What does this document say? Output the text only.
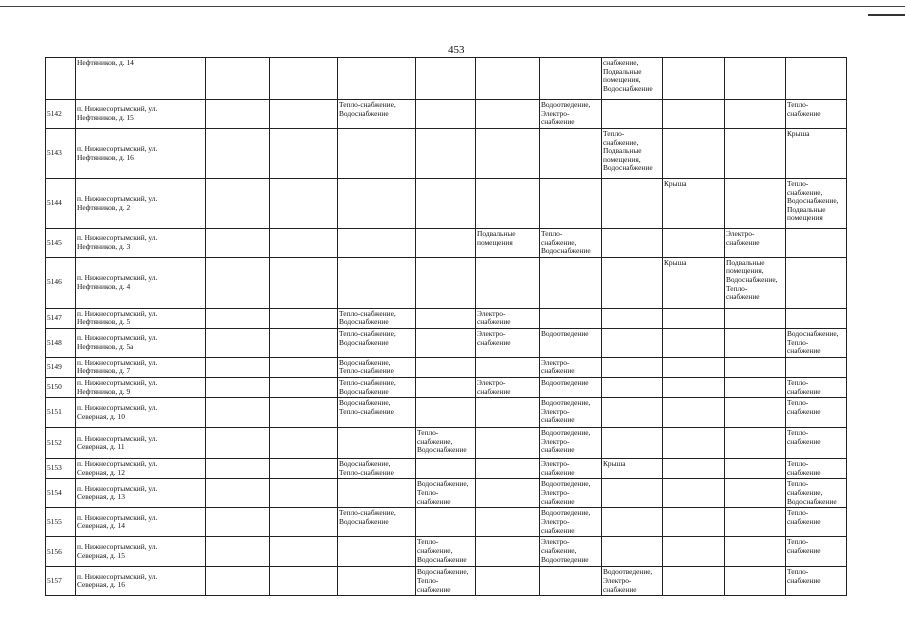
453
	Нефтяников, д. 14							снабжение,
Подвальные
помещения,
Водоснабжение			
5142	п. Нижнесортымский, ул.
Нефтяников, д. 15			Тепло-снабжение,
Водоснабжение			Водоотведение,
Электро-
снабжение				Тепло-
снабжение
5143	п. Нижнесортымский, ул.
Нефтяников, д. 16							Тепло-
снабжение,
Подвальные
помещения,
Водоснабжение			Крыша
5144	п. Нижнесортымский, ул.
Нефтяников, д. 2								Крыша		Тепло-
снабжение,
Водоснабжение,
Подвальные
помещения
5145	п. Нижнесортымский, ул.
Нефтяников, д. 3					Подвальные
помещения	Тепло-
снабжение,
Водоснабжение			Электро-
снабжение	
5146	п. Нижнесортымский, ул.
Нефтяников, д. 4								Крыша	Подвальные
помещения,
Водоснабжение,
Тепло-
снабжение	
5147	п. Нижнесортымский, ул.
Нефтяников, д. 5			Тепло-снабжение,
Водоснабжение		Электро-
снабжение					
5148	п. Нижнесортымский, ул.
Нефтяников, д. 5а			Тепло-снабжение,
Водоснабжение		Электро-
снабжение	Водоотведение				Водоснабжение,
Тепло-
снабжение
5149	п. Нижнесортымский, ул.
Нефтяников, д. 7			Водоснабжение,
Тепло-снабжение			Электро-
снабжение				
5150	п. Нижнесортымский, ул.
Нефтяников, д. 9			Тепло-снабжение,
Водоснабжение		Электро-
снабжение	Водоотведение				Тепло-
снабжение
5151	п. Нижнесортымский, ул.
Северная, д. 10			Водоснабжение,
Тепло-снабжение			Водоотведение,
Электро-
снабжение				Тепло-
снабжение
5152	п. Нижнесортымский, ул.
Северная, д. 11				Тепло-
снабжение,
Водоснабжение		Водоотведение,
Электро-
снабжение				Тепло-
снабжение
5153	п. Нижнесортымский, ул.
Северная, д. 12			Водоснабжение,
Тепло-снабжение			Электро-
снабжение	Крыша			Тепло-
снабжение
5154	п. Нижнесортымский, ул.
Северная, д. 13				Водоснабжение,
Тепло-
снабжение		Водоотведение,
Электро-
снабжение				Тепло-
снабжение,
Водоснабжение
5155	п. Нижнесортымский, ул.
Северная, д. 14			Тепло-снабжение,
Водоснабжение			Водоотведение,
Электро-
снабжение				Тепло-
снабжение
5156	п. Нижнесортымский, ул.
Северная, д. 15				Тепло-
снабжение,
Водоснабжение		Электро-
снабжение,
Водоотведение				Тепло-
снабжение
5157	п. Нижнесортымский, ул.
Северная, д. 16				Водоснабжение,
Тепло-
снабжение			Водоотведение,
Электро-
снабжение			Тепло-
снабжение
